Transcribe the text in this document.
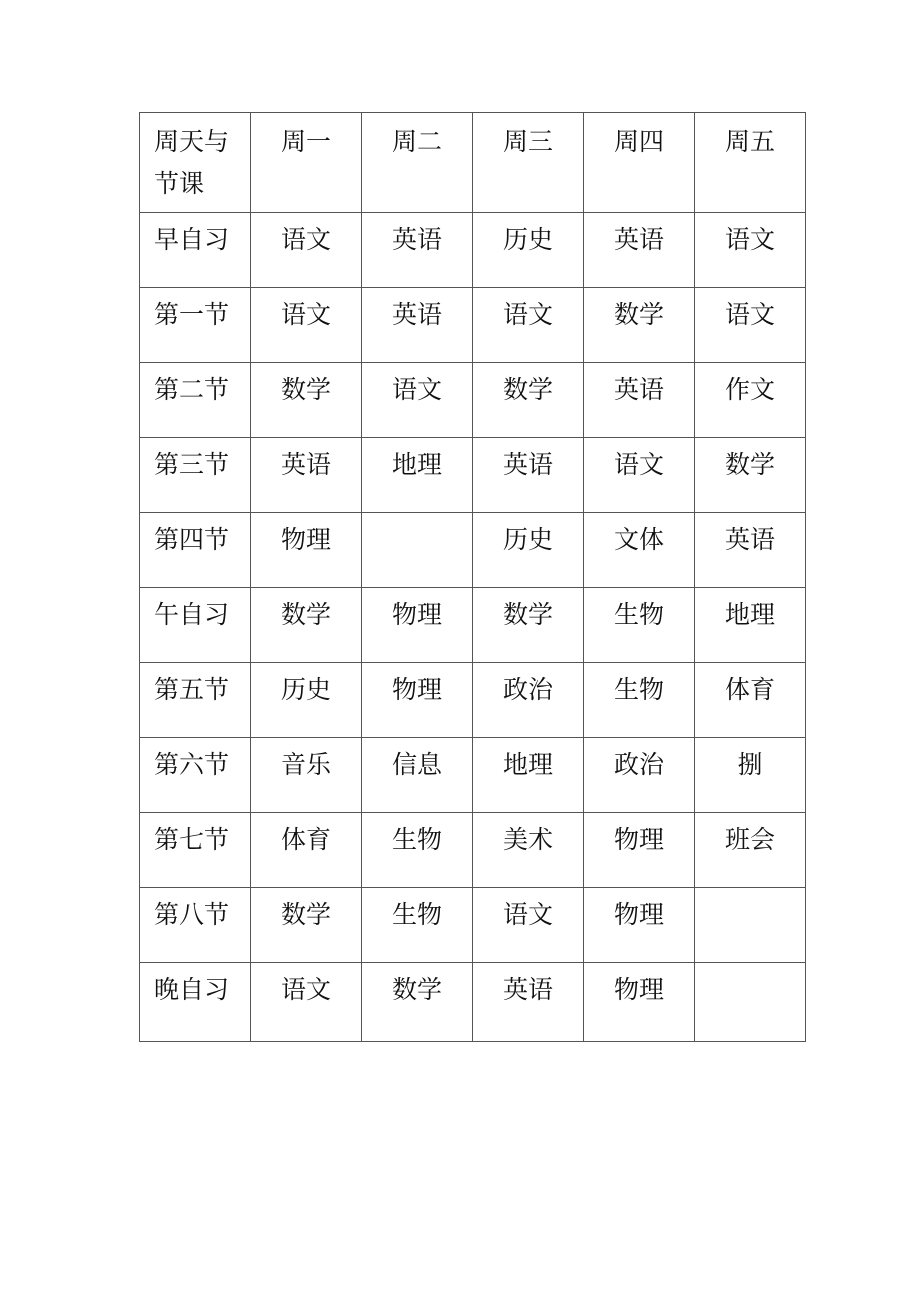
周天与节课	周一	周二	周三	周四	周五
早自习	语文	英语	历史	英语	语文
第一节	语文	英语	语文	数学	语文
第二节	数学	语文	数学	英语	作文
第三节	英语	地理	英语	语文	数学
第四节	物理		历史	文体	英语
午自习	数学	物理	数学	生物	地理
第五节	历史	物理	政治	生物	体育
第六节	音乐	信息	地理	政治	捌
第七节	体育	生物	美术	物理	班会
第八节	数学	生物	语文	物理	
晚自习	语文	数学	英语	物理	
